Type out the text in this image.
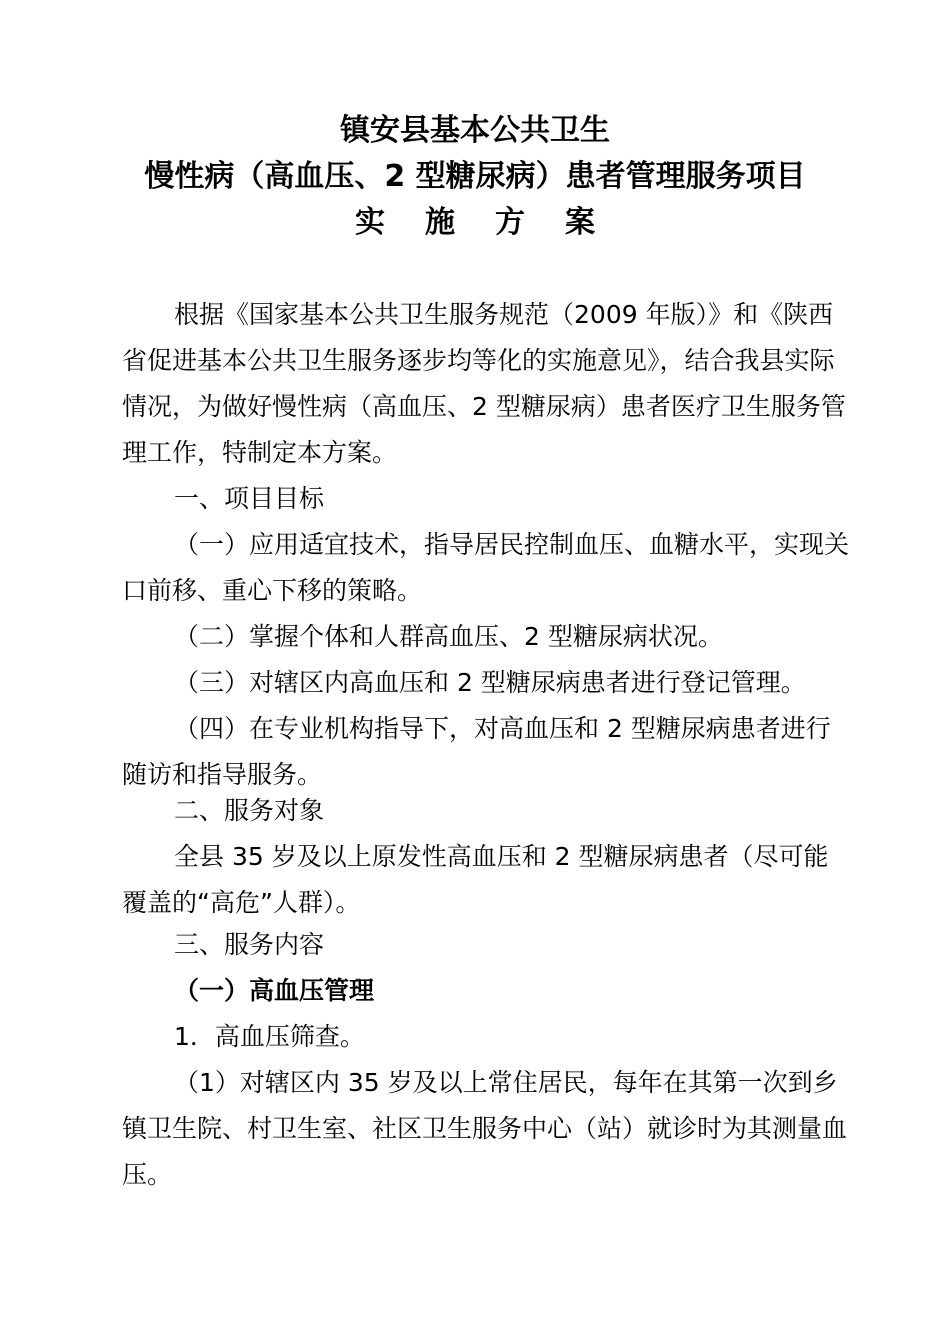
镇安县基本公共卫生
慢性病（高血压、2 型糖尿病）患者管理服务项目
实施方案

根据《国家基本公共卫生服务规范（2009 年版）》和《陕西省促进基本公共卫生服务逐步均等化的实施意见》，结合我县实际情况，为做好慢性病（高血压、2 型糖尿病）患者医疗卫生服务管理工作，特制定本方案。

一、项目目标

（一）应用适宜技术，指导居民控制血压、血糖水平，实现关口前移、重心下移的策略。

（二）掌握个体和人群高血压、2 型糖尿病状况。

（三）对辖区内高血压和 2 型糖尿病患者进行登记管理。

（四）在专业机构指导下，对高血压和 2 型糖尿病患者进行随访和指导服务。

二、服务对象

全县 35 岁及以上原发性高血压和 2 型糖尿病患者（尽可能覆盖的“高危”人群）。

三、服务内容

（一）高血压管理

1．高血压筛查。

（1）对辖区内 35 岁及以上常住居民，每年在其第一次到乡镇卫生院、村卫生室、社区卫生服务中心（站）就诊时为其测量血压。
